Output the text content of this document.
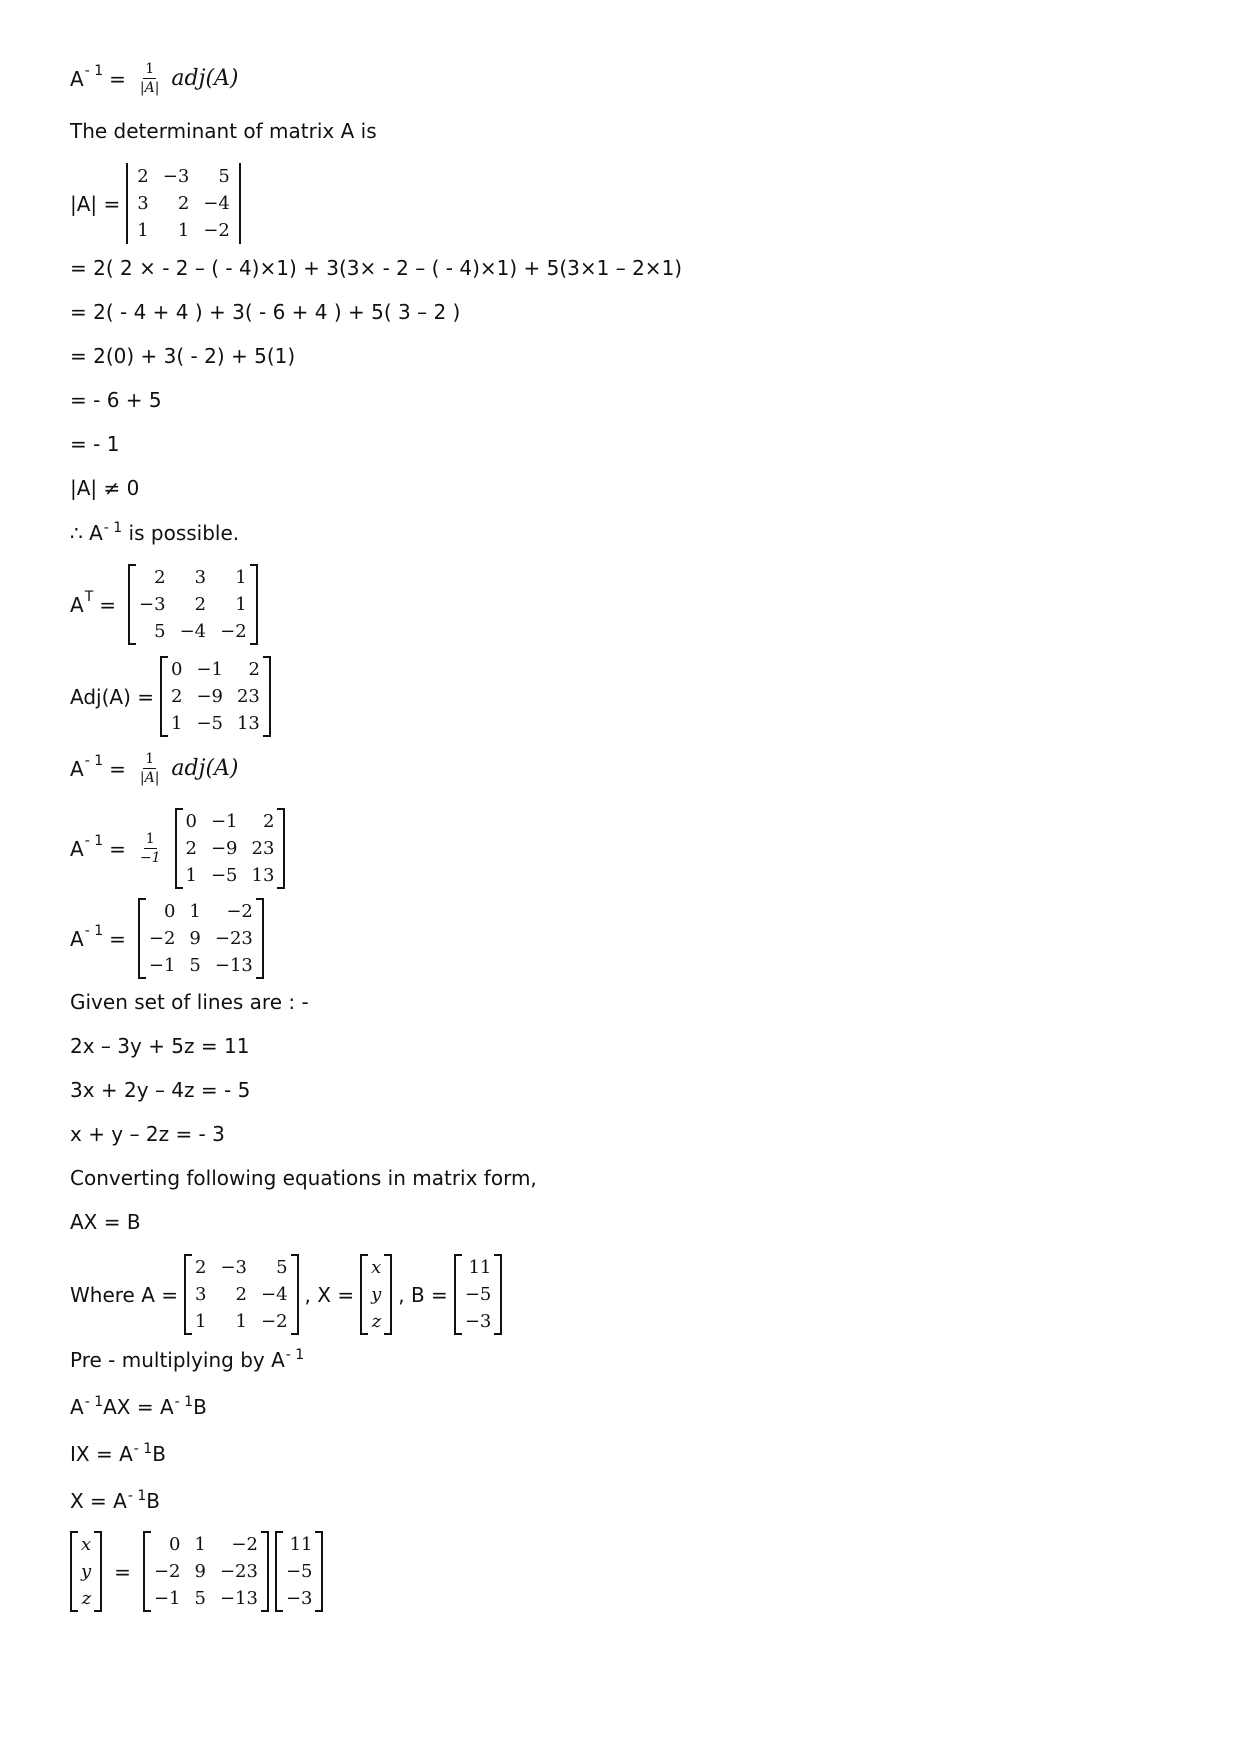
$A - 1 = \frac{1}{|A|} adj(A)$
The determinant of matrix A is
|A| =
2	−3	5
3	2	−4
1	1	−2
= 2( 2 × - 2 – ( - 4)×1) + 3(3× - 2 – ( - 4)×1) + 5(3×1 – 2×1)
= 2( - 4 + 4 ) + 3( - 6 + 4 ) + 5( 3 – 2 )
= 2(0) + 3( - 2) + 5(1)
= - 6 + 5
= - 1
|A| ≠ 0
∴ $A^{- 1}$ is possible.
A T =
2	3	1
−3	2	1
5	−4	−2
Adj(A) =
0	−1	2
2	−9	23
1	−5	13
$A - 1 = \frac{1}{|A|} adj(A)$
$A - 1 = \frac{1}{-1}$
0	−1	2
2	−9	23
1	−5	13
A - 1 =
0	1	−2
−2	9	−23
−1	5	−13
Given set of lines are : -
2x – 3y + 5z = 11
3x + 2y – 4z = - 5
x + y – 2z = - 3
Converting following equations in matrix form,
AX = B
Where A =
2	−3	5
3	2	−4
1	1	−2
, X =
x
y
z
, B =
11
−5
−3
Pre - multiplying by $A^{- 1}$
$A^{- 1}AX = A^{- 1}B$
IX = $A^{- 1}B$
$X = A^{- 1}B$
x
y
z
=
0	1	−2
−2	9	−23
−1	5	−13
11
−5
−3
